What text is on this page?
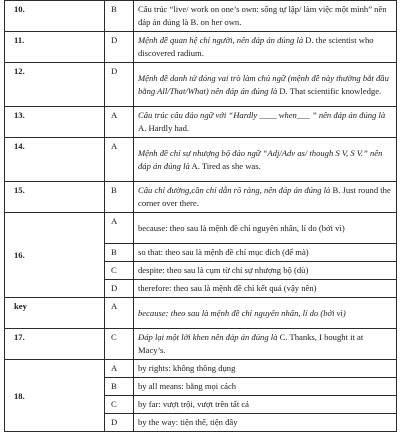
10.	B	Câu trúc “live/ work on one’s own: sống tự lập/ làm việc một mình” nên đáp án đúng là B. on her own.
11.	D	Mệnh đề quan hệ chỉ người, nên đáp án đúng là D. the scientist who discovered radium.
12.	D	Mệnh đề danh từ đóng vai trò làm chủ ngữ (mệnh đề này thường bắt đầu bằng All/That/What) nên đáp án đúng là D. That scientific knowledge.
13.	A	Câu trúc câu đảo ngữ với “Hardly ____ when___ ” nên đáp án đúng là A. Hardly had.
14.	A	Mệnh đề chỉ sự nhượng bộ đảo ngữ “Adj/Adv as/ though S V, S V.” nên đáp án đúng là A. Tired as she was.
15.	B	Câu chỉ đường,cần chỉ dẫn rõ ràng, nên đáp án đúng là B. Just round the corner over there.
16.	A	because: theo sau là mệnh đề chỉ nguyên nhân, lí do (bởi vì)
	B	so that: theo sau là mệnh đề chỉ mục đích (để mà)
	C	despite: theo sau là cụm từ chỉ sự nhượng bộ (dù)
	D	therefore: theo sau là mệnh đề chỉ kết quả (vậy nên)
key	A	because: theo sau là mệnh đề chỉ nguyên nhân, lí do (bởi vì)
17.	C	Đáp lại một lời khen nên đáp án đúng là C. Thanks, I bought it at Macy’s.
18.	A	by rights: không thông dụng
	B	by all means: bằng mọi cách
	C	by far: vượt trội, vượt trên tất cả
	D	by the way: tiện thể, tiện đây
